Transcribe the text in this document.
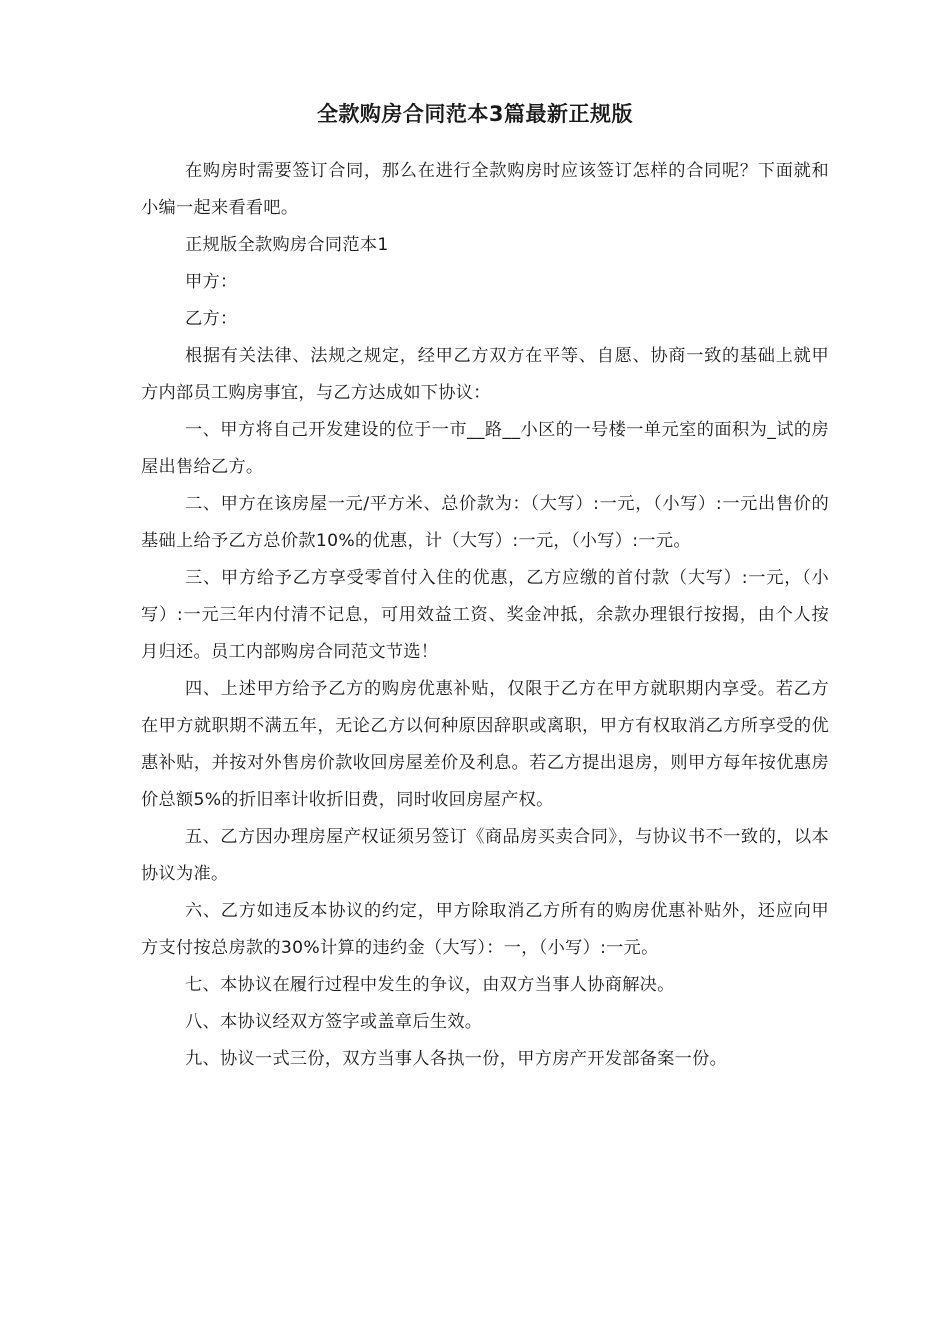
全款购房合同范本3篇最新正规版

在购房时需要签订合同，那么在进行全款购房时应该签订怎样的合同呢？下面就和小编一起来看看吧。

正规版全款购房合同范本1

甲方：

乙方：

根据有关法律、法规之规定，经甲乙方双方在平等、自愿、协商一致的基础上就甲方内部员工购房事宜，与乙方达成如下协议：

一、甲方将自己开发建设的位于一市__路__小区的一号楼一单元室的面积为_试的房屋出售给乙方。

二、甲方在该房屋一元/平方米、总价款为：（大写）:一元，（小写）:一元出售价的基础上给予乙方总价款10%的优惠，计（大写）:一元，（小写）:一元。

三、甲方给予乙方享受零首付入住的优惠，乙方应缴的首付款（大写）:一元，（小写）:一元三年内付清不记息，可用效益工资、奖金冲抵，余款办理银行按揭，由个人按月归还。员工内部购房合同范文节选！

四、上述甲方给予乙方的购房优惠补贴，仅限于乙方在甲方就职期内享受。若乙方在甲方就职期不满五年，无论乙方以何种原因辞职或离职，甲方有权取消乙方所享受的优惠补贴，并按对外售房价款收回房屋差价及利息。若乙方提出退房，则甲方每年按优惠房价总额5%的折旧率计收折旧费，同时收回房屋产权。

五、乙方因办理房屋产权证须另签订《商品房买卖合同》，与协议书不一致的，以本协议为准。

六、乙方如违反本协议的约定，甲方除取消乙方所有的购房优惠补贴外，还应向甲方支付按总房款的30%计算的违约金（大写）：一，（小写）:一元。

七、本协议在履行过程中发生的争议，由双方当事人协商解决。

八、本协议经双方签字或盖章后生效。

九、协议一式三份，双方当事人各执一份，甲方房产开发部备案一份。
